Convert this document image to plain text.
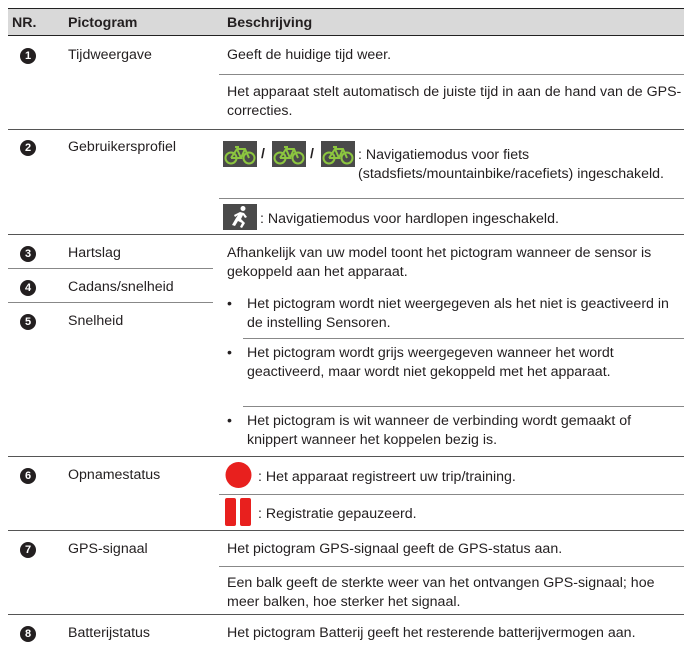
NR. Pictogram	Beschrijving
1	Tijdweergave	Geeft de huidige tijd weer.
Het apparaat stelt automatisch de juiste tijd in aan de hand van de GPS-correcties.
2	Gebruikersprofiel	/	/	: Navigatiemodus voor fiets (stadsfiets/mountainbike/racefiets) ingeschakeld.
: Navigatiemodus voor hardlopen ingeschakeld.
3	Hartslag
4	Cadans/snelheid
5	Snelheid
Afhankelijk van uw model toont het pictogram wanneer de sensor is gekoppeld aan het apparaat.
• Het pictogram wordt niet weergegeven als het niet is geactiveerd in de instelling Sensoren.
• Het pictogram wordt grijs weergegeven wanneer het wordt geactiveerd, maar wordt niet gekoppeld met het apparaat.
• Het pictogram is wit wanneer de verbinding wordt gemaakt of knippert wanneer het koppelen bezig is.
6	Opnamestatus	: Het apparaat registreert uw trip/training.
: Registratie gepauzeerd.
7	GPS-signaal	Het pictogram GPS-signaal geeft de GPS-status aan.
Een balk geeft de sterkte weer van het ontvangen GPS-signaal; hoe meer balken, hoe sterker het signaal.
8	Batterijstatus	Het pictogram Batterij geeft het resterende batterijvermogen aan.
